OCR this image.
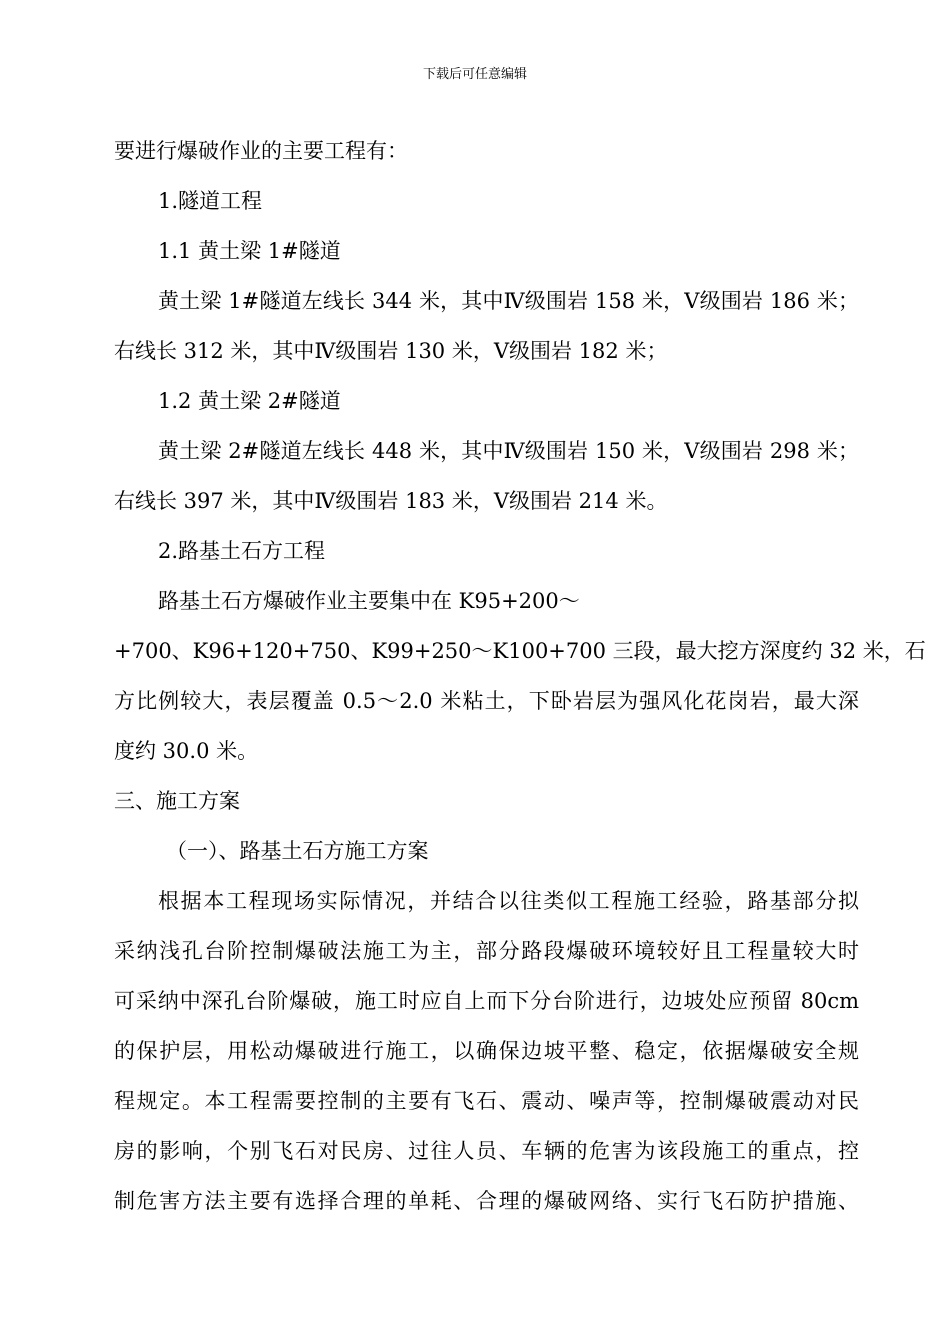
下载后可任意编辑
要进行爆破作业的主要工程有：
1.隧道工程
1.1 黄土梁 1#隧道
黄土梁 1#隧道左线长 344 米，其中Ⅳ级围岩 158 米，Ⅴ级围岩 186 米；
右线长 312 米，其中Ⅳ级围岩 130 米，Ⅴ级围岩 182 米；
1.2 黄土梁 2#隧道
黄土梁 2#隧道左线长 448 米，其中Ⅳ级围岩 150 米，Ⅴ级围岩 298 米；
右线长 397 米，其中Ⅳ级围岩 183 米，Ⅴ级围岩 214 米。
2.路基土石方工程
路基土石方爆破作业主要集中在 K95+200～
+700、K96+120+750、K99+250～K100+700 三段，最大挖方深度约 32 米，石
方比例较大，表层覆盖 0.5～2.0 米粘土，下卧岩层为强风化花岗岩，最大深
度约 30.0 米。
三、施工方案
（一）、路基土石方施工方案
根据本工程现场实际情况，并结合以往类似工程施工经验，路基部分拟
采纳浅孔台阶控制爆破法施工为主，部分路段爆破环境较好且工程量较大时
可采纳中深孔台阶爆破，施工时应自上而下分台阶进行，边坡处应预留 80cm
的保护层，用松动爆破进行施工，以确保边坡平整、稳定，依据爆破安全规
程规定。本工程需要控制的主要有飞石、震动、噪声等，控制爆破震动对民
房的影响，个别飞石对民房、过往人员、车辆的危害为该段施工的重点，控
制危害方法主要有选择合理的单耗、合理的爆破网络、实行飞石防护措施、
